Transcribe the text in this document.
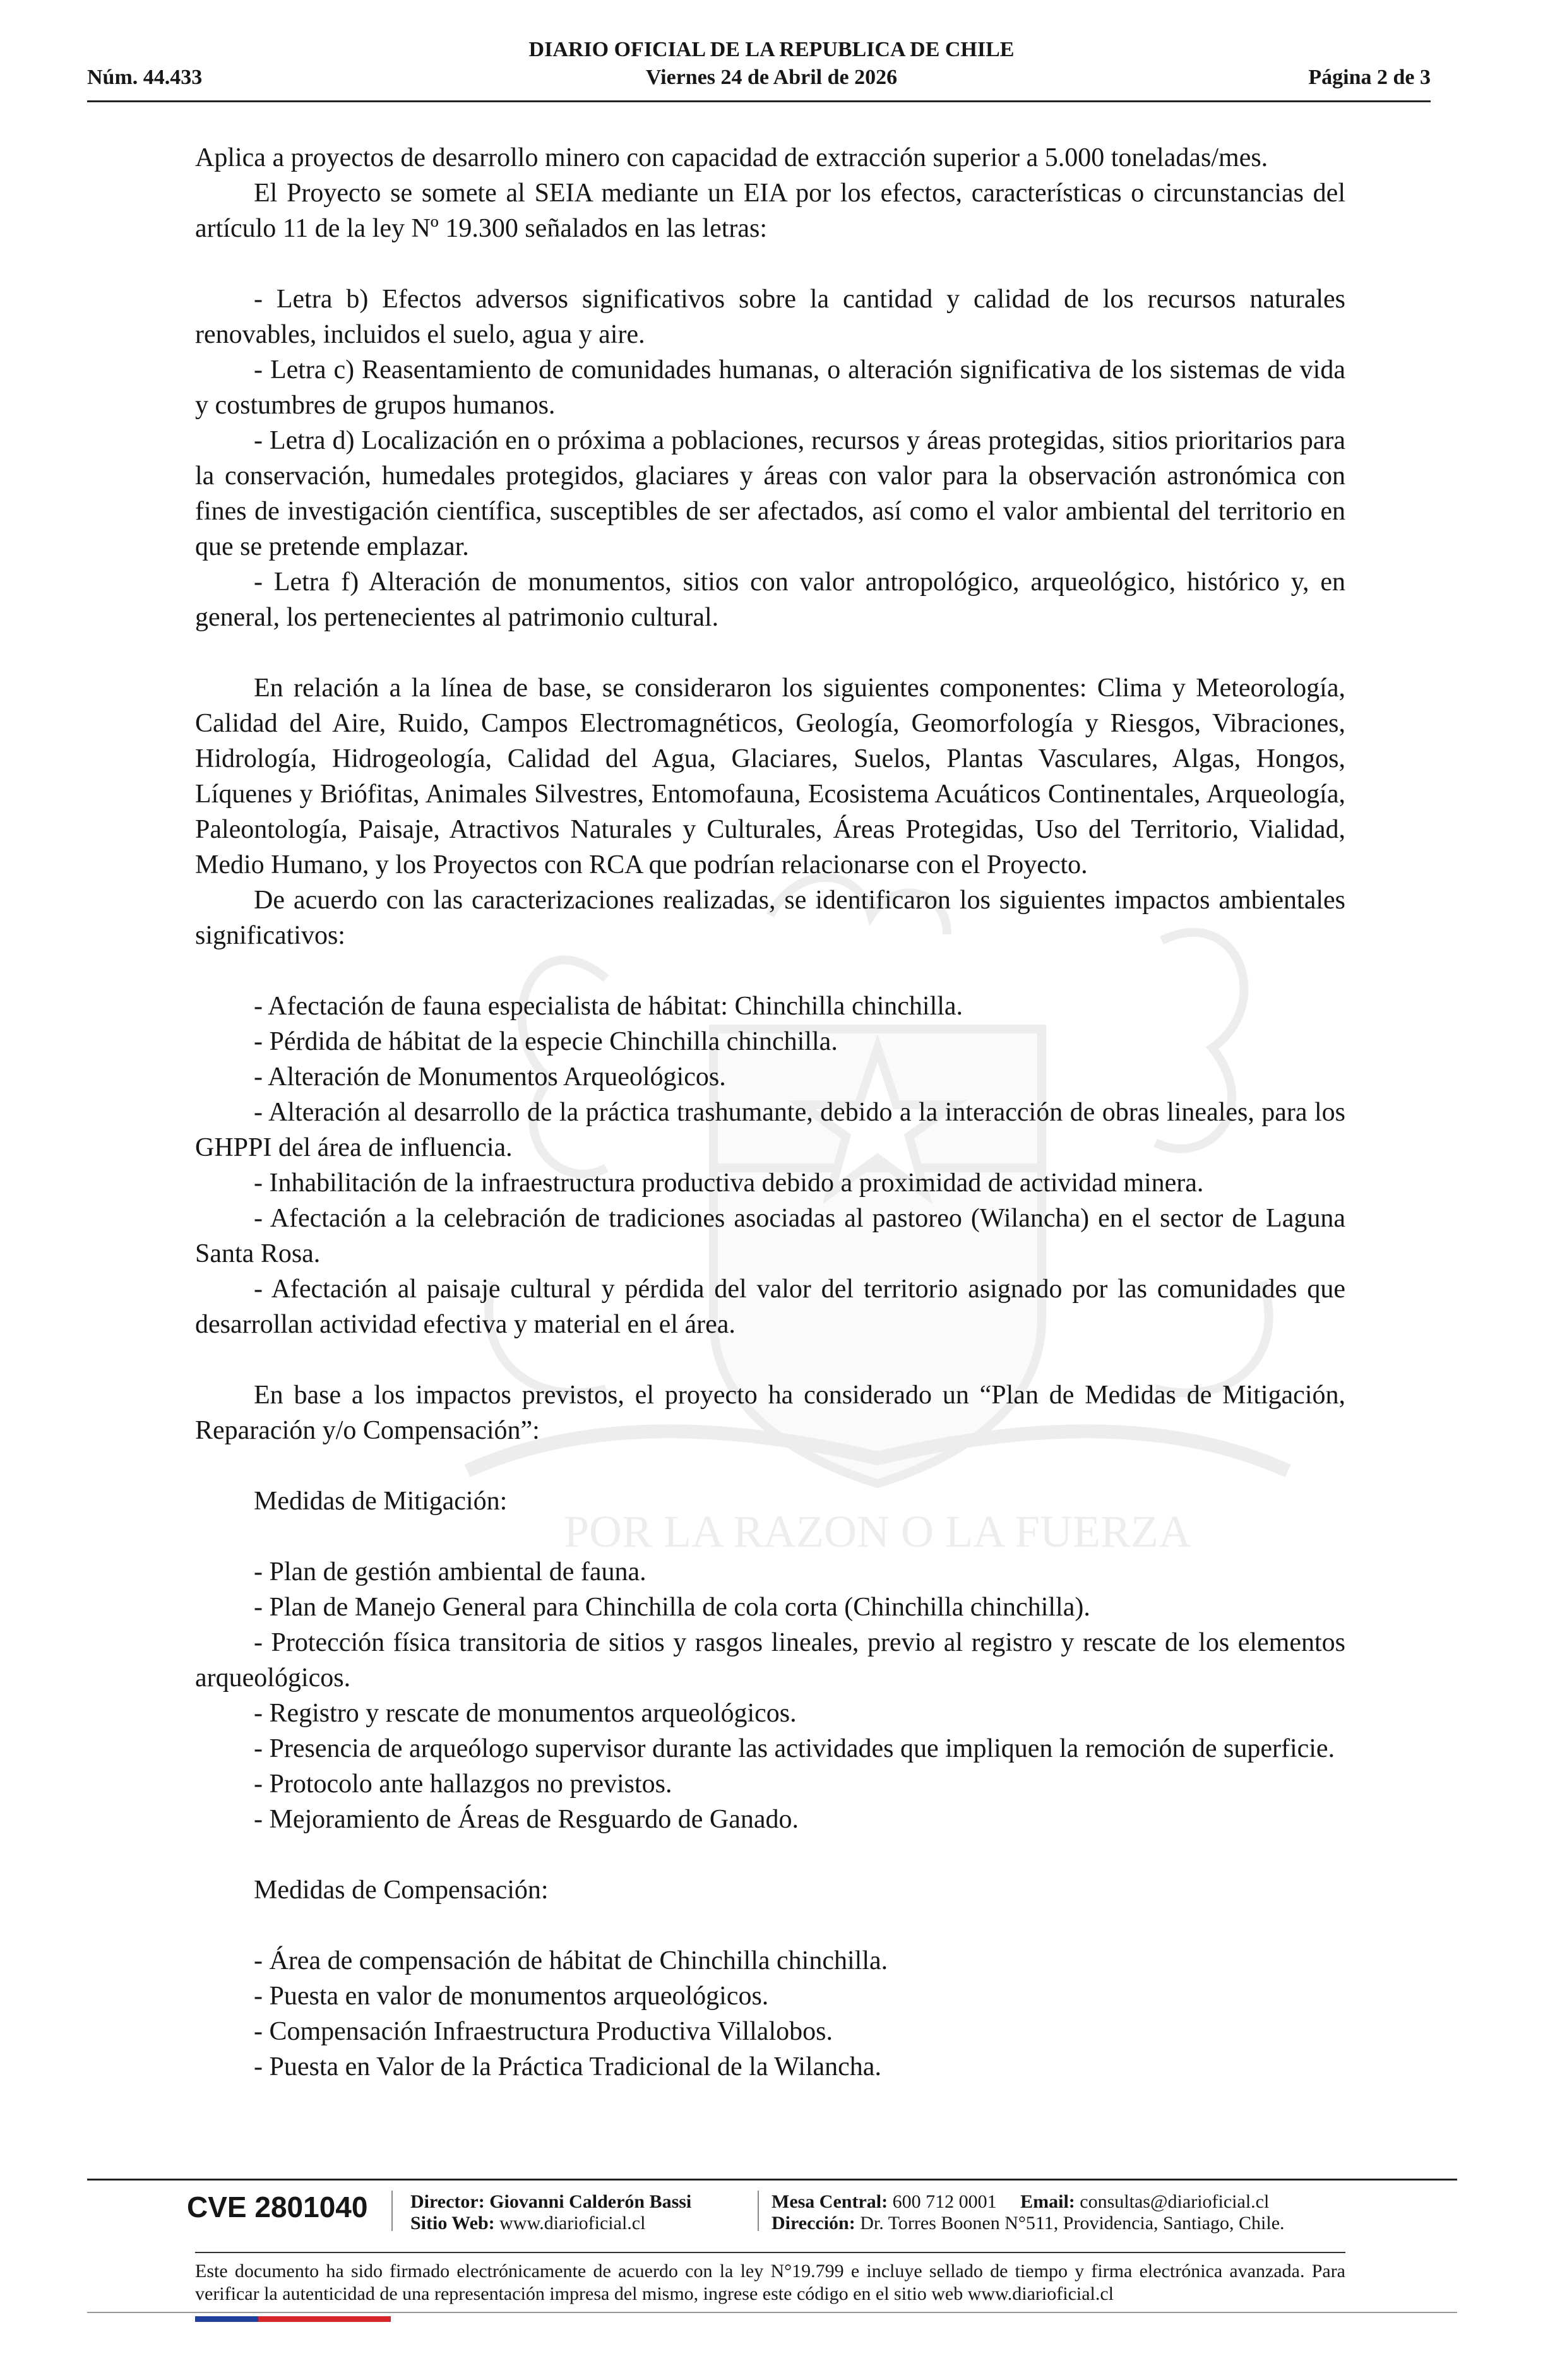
DIARIO OFICIAL DE LA REPUBLICA DE CHILE
Núm. 44.433	Viernes 24 de Abril de 2026	Página 2 de 3
POR LA RAZON O LA FUERZA

Aplica a proyectos de desarrollo minero con capacidad de extracción superior a 5.000 toneladas/mes.

El Proyecto se somete al SEIA mediante un EIA por los efectos, características o circunstancias del artículo 11 de la ley Nº 19.300 señalados en las letras:

- Letra b) Efectos adversos significativos sobre la cantidad y calidad de los recursos naturales renovables, incluidos el suelo, agua y aire.

- Letra c) Reasentamiento de comunidades humanas, o alteración significativa de los sistemas de vida y costumbres de grupos humanos.

- Letra d) Localización en o próxima a poblaciones, recursos y áreas protegidas, sitios prioritarios para la conservación, humedales protegidos, glaciares y áreas con valor para la observación astronómica con fines de investigación científica, susceptibles de ser afectados, así como el valor ambiental del territorio en que se pretende emplazar.

- Letra f) Alteración de monumentos, sitios con valor antropológico, arqueológico, histórico y, en general, los pertenecientes al patrimonio cultural.

En relación a la línea de base, se consideraron los siguientes componentes: Clima y Meteorología, Calidad del Aire, Ruido, Campos Electromagnéticos, Geología, Geomorfología y Riesgos, Vibraciones, Hidrología, Hidrogeología, Calidad del Agua, Glaciares, Suelos, Plantas Vasculares, Algas, Hongos, Líquenes y Briófitas, Animales Silvestres, Entomofauna, Ecosistema Acuáticos Continentales, Arqueología, Paleontología, Paisaje, Atractivos Naturales y Culturales, Áreas Protegidas, Uso del Territorio, Vialidad, Medio Humano, y los Proyectos con RCA que podrían relacionarse con el Proyecto.

De acuerdo con las caracterizaciones realizadas, se identificaron los siguientes impactos ambientales significativos:

- Afectación de fauna especialista de hábitat: Chinchilla chinchilla.

- Pérdida de hábitat de la especie Chinchilla chinchilla.

- Alteración de Monumentos Arqueológicos.

- Alteración al desarrollo de la práctica trashumante, debido a la interacción de obras lineales, para los GHPPI del área de influencia.

- Inhabilitación de la infraestructura productiva debido a proximidad de actividad minera.

- Afectación a la celebración de tradiciones asociadas al pastoreo (Wilancha) en el sector de Laguna Santa Rosa.

- Afectación al paisaje cultural y pérdida del valor del territorio asignado por las comunidades que desarrollan actividad efectiva y material en el área.

En base a los impactos previstos, el proyecto ha considerado un “Plan de Medidas de Mitigación, Reparación y/o Compensación”:

Medidas de Mitigación:

- Plan de gestión ambiental de fauna.

- Plan de Manejo General para Chinchilla de cola corta (Chinchilla chinchilla).

- Protección física transitoria de sitios y rasgos lineales, previo al registro y rescate de los elementos arqueológicos.

- Registro y rescate de monumentos arqueológicos.

- Presencia de arqueólogo supervisor durante las actividades que impliquen la remoción de superficie.

- Protocolo ante hallazgos no previstos.

- Mejoramiento de Áreas de Resguardo de Ganado.

Medidas de Compensación:

- Área de compensación de hábitat de Chinchilla chinchilla.

- Puesta en valor de monumentos arqueológicos.

- Compensación Infraestructura Productiva Villalobos.

- Puesta en Valor de la Práctica Tradicional de la Wilancha.

CVE 2801040 Director: Giovanni Calderón Bassi
Sitio Web: www.diarioficial.cl
Mesa Central: 600 712 0001 Email: consultas@diarioficial.cl
Dirección: Dr. Torres Boonen N°511, Providencia, Santiago, Chile.
Este documento ha sido firmado electrónicamente de acuerdo con la ley N°19.799 e incluye sellado de tiempo y firma electrónica avanzada. Para verificar la autenticidad de una representación impresa del mismo, ingrese este código en el sitio web www.diarioficial.cl
